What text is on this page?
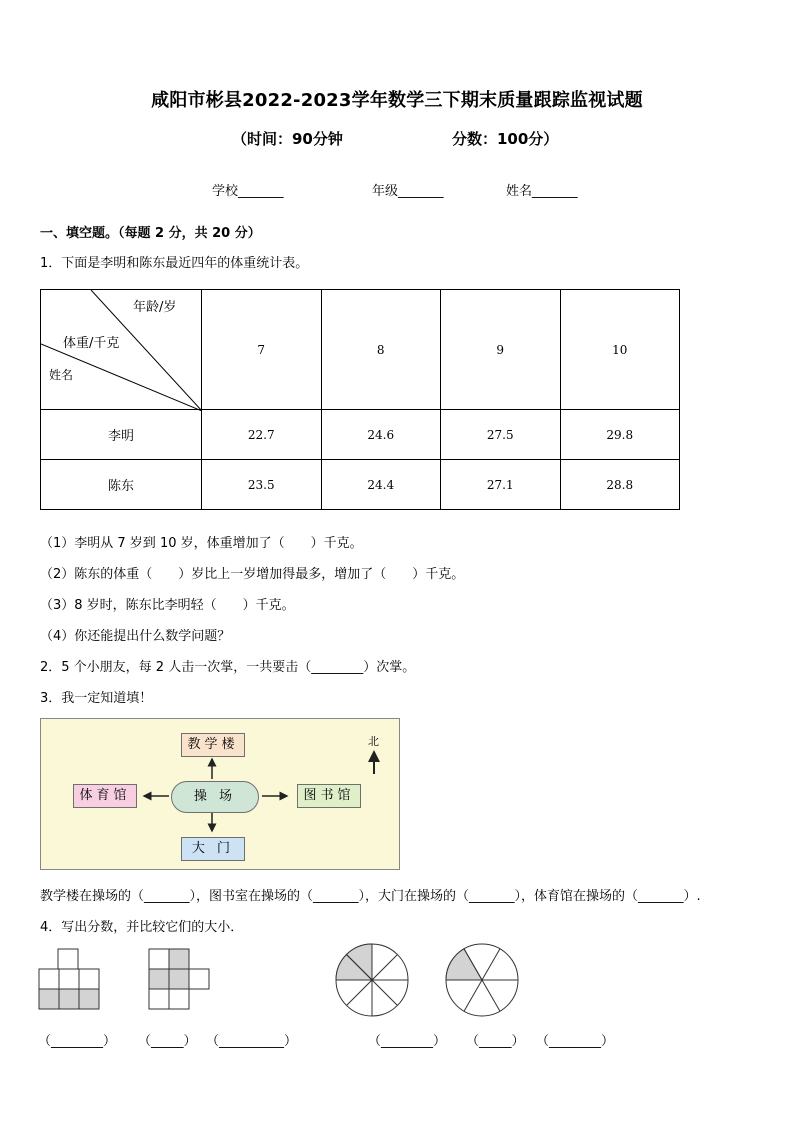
咸阳市彬县2022-2023学年数学三下期末质量跟踪监视试题
（时间：90分钟	分数：100分）
学校_______	年级_______	姓名_______
一、填空题。（每题 2 分，共 20 分）
1．下面是李明和陈东最近四年的体重统计表。
年龄/岁
体重/千克
姓名	7	8	9	10
李明	22.7	24.6	27.5	29.8
陈东	23.5	24.4	27.1	28.8
（1）李明从 7 岁到 10 岁，体重增加了（　　）千克。
（2）陈东的体重（　　）岁比上一岁增加得最多，增加了（　　）千克。
（3）8 岁时，陈东比李明轻（　　）千克。
（4）你还能提出什么数学问题？
2．5 个小朋友，每 2 人击一次掌，一共要击（________）次掌。
3．我一定知道填！
北
教学楼
操 场
体育馆	图书馆
大 门
教学楼在操场的（_______），图书室在操场的（_______），大门在操场的（_______），体育馆在操场的（_______）.
4．写出分数，并比较它们的大小．
（________） （_____） （__________）	（________） （_____） （________）
